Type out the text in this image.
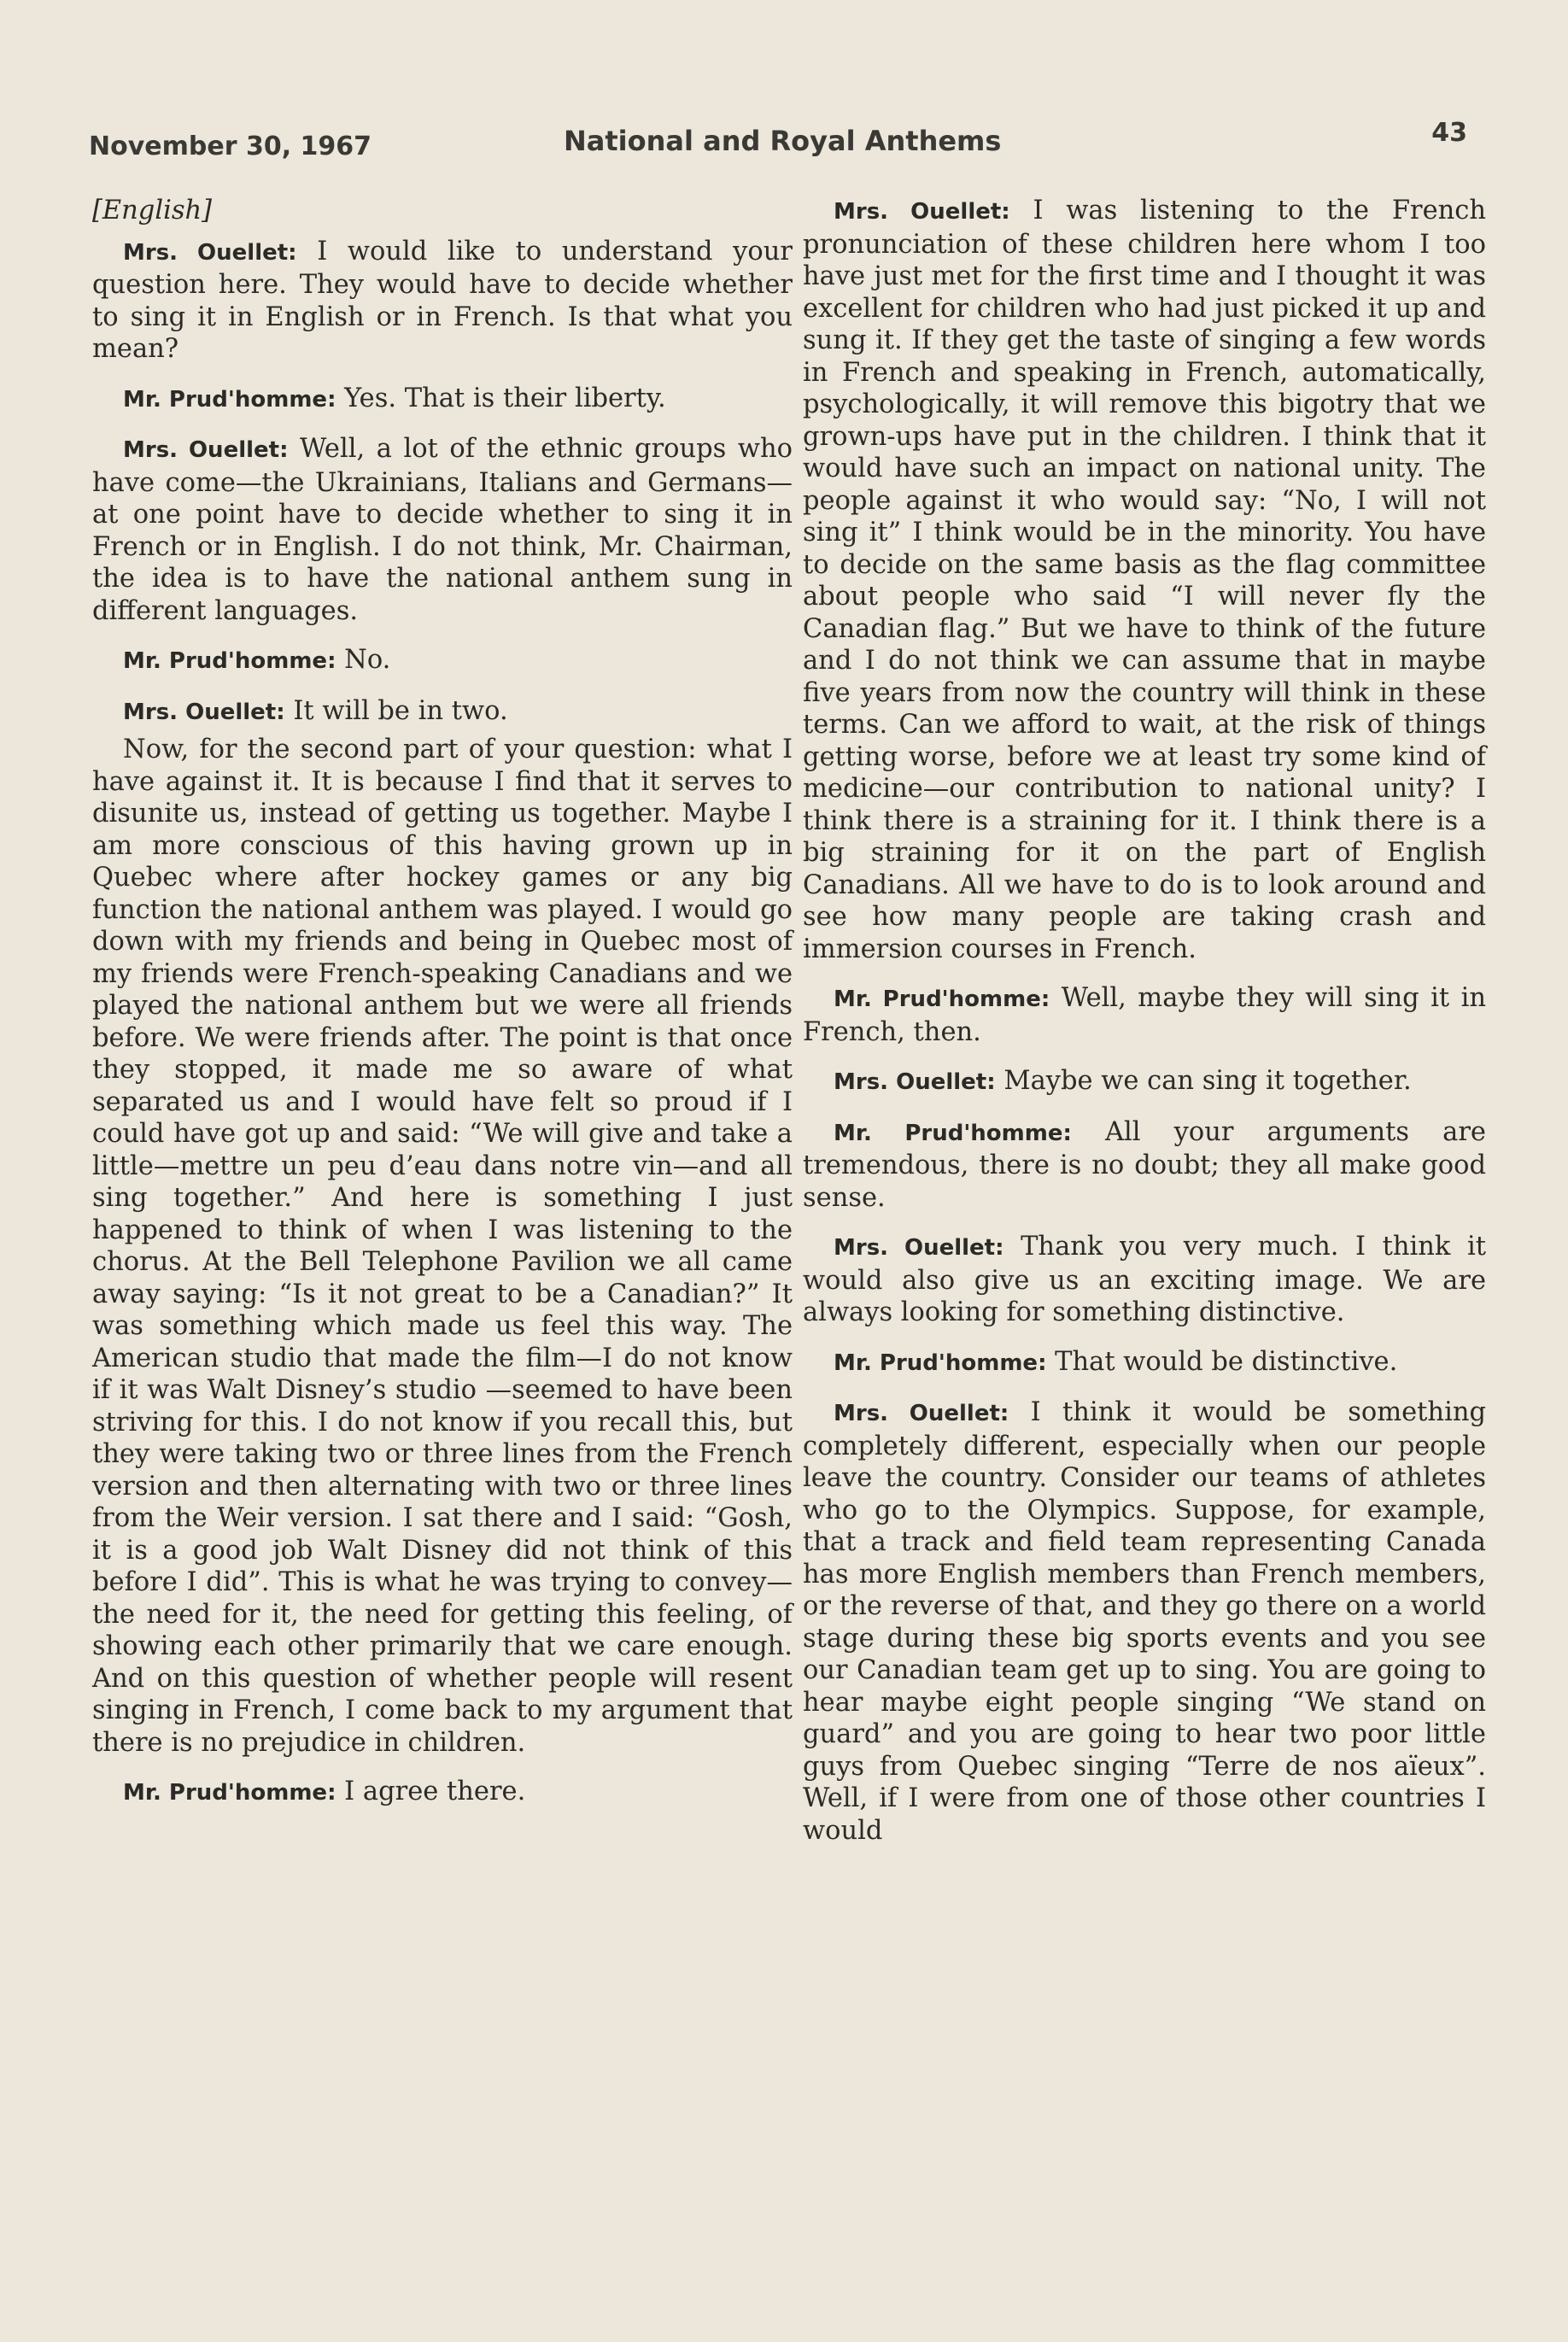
November 30, 1967	National and Royal Anthems	43

[English]

Mrs. Ouellet: I would like to understand your question here. They would have to decide whether to sing it in English or in French. Is that what you mean?

Mr. Prud'homme: Yes. That is their liberty.

Mrs. Ouellet: Well, a lot of the ethnic groups who have come—the Ukrainians, Italians and Germans—at one point have to decide whether to sing it in French or in English. I do not think, Mr. Chairman, the idea is to have the national anthem sung in different languages.

Mr. Prud'homme: No.

Mrs. Ouellet: It will be in two.

Now, for the second part of your question: what I have against it. It is because I find that it serves to disunite us, instead of getting us together. Maybe I am more conscious of this having grown up in Quebec where after hockey games or any big function the national anthem was played. I would go down with my friends and being in Quebec most of my friends were French-speaking Canadians and we played the national anthem but we were all friends before. We were friends after. The point is that once they stopped, it made me so aware of what separated us and I would have felt so proud if I could have got up and said: “We will give and take a little—mettre un peu d’eau dans notre vin—and all sing together.” And here is something I just happened to think of when I was listening to the chorus. At the Bell Telephone Pavilion we all came away saying: “Is it not great to be a Canadian?” It was something which made us feel this way. The American studio that made the film—I do not know if it was Walt Disney’s studio —seemed to have been striving for this. I do not know if you recall this, but they were taking two or three lines from the French version and then alternating with two or three lines from the Weir version. I sat there and I said: “Gosh, it is a good job Walt Disney did not think of this before I did”. This is what he was trying to convey—the need for it, the need for getting this feeling, of showing each other primarily that we care enough. And on this question of whether people will resent singing in French, I come back to my argument that there is no prejudice in children.

Mr. Prud'homme: I agree there.

Mrs. Ouellet: I was listening to the French pronunciation of these children here whom I too have just met for the first time and I thought it was excellent for children who had just picked it up and sung it. If they get the taste of singing a few words in French and speaking in French, automatically, psychologically, it will remove this bigotry that we grown-ups have put in the children. I think that it would have such an impact on national unity. The people against it who would say: “No, I will not sing it” I think would be in the minority. You have to decide on the same basis as the flag committee about people who said “I will never fly the Canadian flag.” But we have to think of the future and I do not think we can assume that in maybe five years from now the country will think in these terms. Can we afford to wait, at the risk of things getting worse, before we at least try some kind of medicine—our contribution to national unity? I think there is a straining for it. I think there is a big straining for it on the part of English Canadians. All we have to do is to look around and see how many people are taking crash and immersion courses in French.

Mr. Prud'homme: Well, maybe they will sing it in French, then.

Mrs. Ouellet: Maybe we can sing it together.

Mr. Prud'homme: All your arguments are tremendous, there is no doubt; they all make good sense.

Mrs. Ouellet: Thank you very much. I think it would also give us an exciting image. We are always looking for something distinctive.

Mr. Prud'homme: That would be distinctive.

Mrs. Ouellet: I think it would be something completely different, especially when our people leave the country. Consider our teams of athletes who go to the Olympics. Suppose, for example, that a track and field team representing Canada has more English members than French members, or the reverse of that, and they go there on a world stage during these big sports events and you see our Canadian team get up to sing. You are going to hear maybe eight people singing “We stand on guard” and you are going to hear two poor little guys from Quebec singing “Terre de nos aïeux”. Well, if I were from one of those other countries I would
